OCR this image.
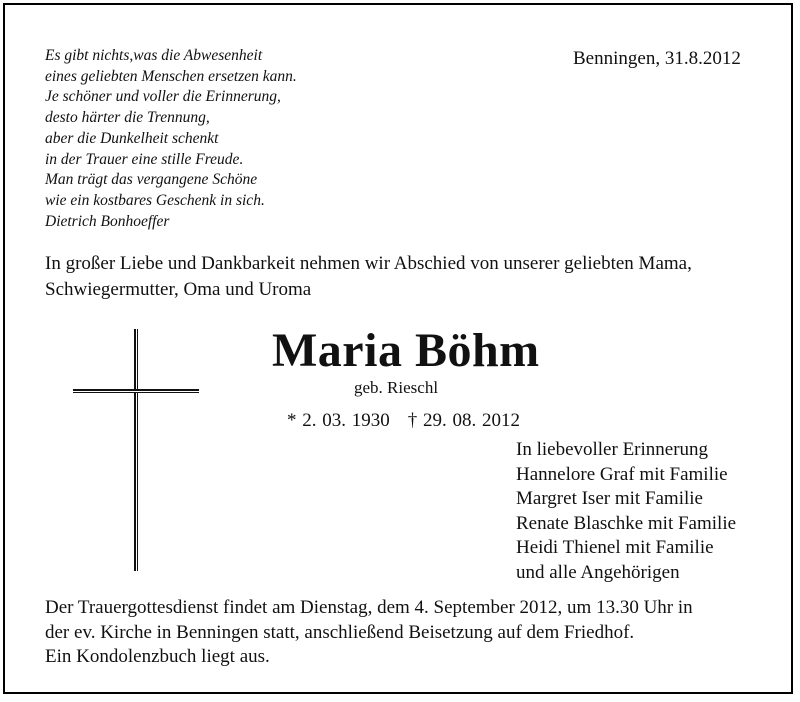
Es gibt nichts,was die Abwesenheit
eines geliebten Menschen ersetzen kann.
Je schöner und voller die Erinnerung,
desto härter die Trennung,
aber die Dunkelheit schenkt
in der Trauer eine stille Freude.
Man trägt das vergangene Schöne
wie ein kostbares Geschenk in sich.
Dietrich Bonhoeffer
Benningen, 31.8.2012
In großer Liebe und Dankbarkeit nehmen wir Abschied von unserer geliebten Mama,
Schwiegermutter, Oma und Uroma
Maria Böhm
geb. Rieschl
* 2. 03. 1930 † 29. 08. 2012
In liebevoller Erinnerung
Hannelore Graf mit Familie
Margret Iser mit Familie
Renate Blaschke mit Familie
Heidi Thienel mit Familie
und alle Angehörigen
Der Trauergottesdienst findet am Dienstag, dem 4. September 2012, um 13.30 Uhr in
der ev. Kirche in Benningen statt, anschließend Beisetzung auf dem Friedhof.
Ein Kondolenzbuch liegt aus.
